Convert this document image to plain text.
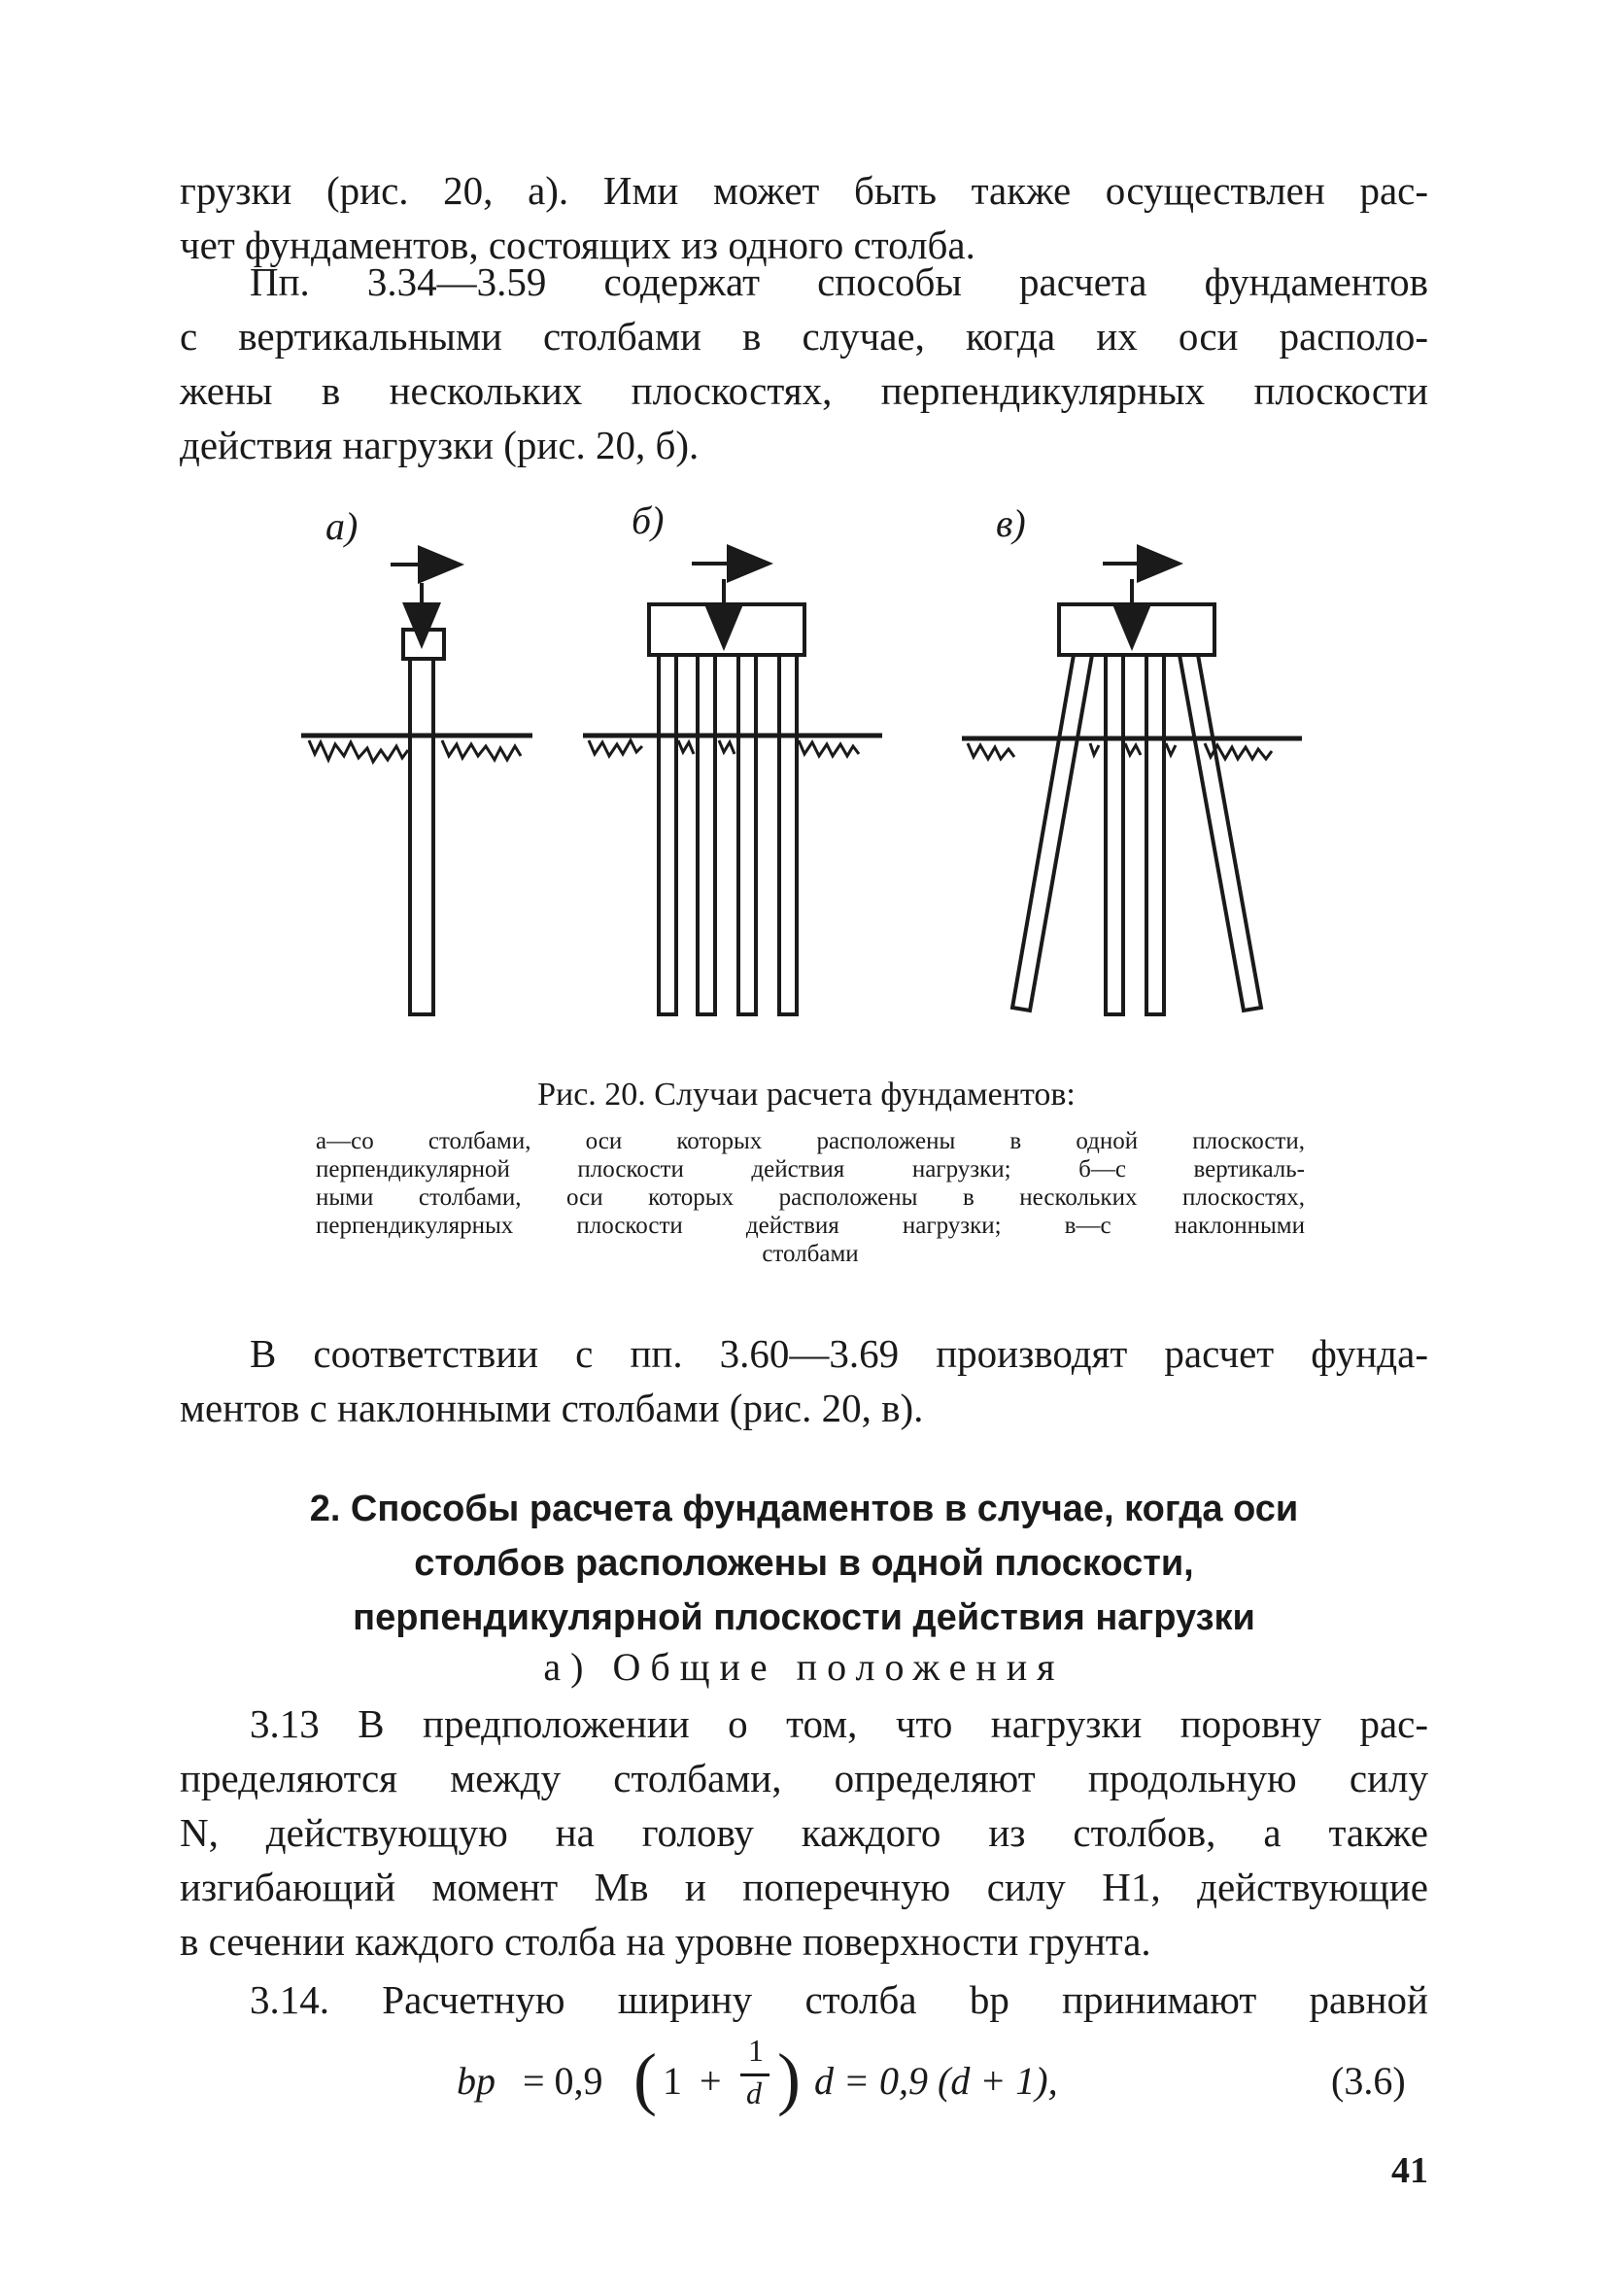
грузки (рис. 20, а). Ими может быть также осуществлен рас-
чет фундаментов, состоящих из одного столба.
Пп. 3.34—3.59 содержат способы расчета фундаментов
с вертикальными столбами в случае, когда их оси располо-
жены в нескольких плоскостях, перпендикулярных плоскости
действия нагрузки (рис. 20, б).
а)	б)	в)
Рис. 20. Случаи расчета фундаментов:
а—со столбами, оси которых расположены в одной плоскости,
перпендикулярной плоскости действия нагрузки; б—с вертикаль-
ными столбами, оси которых расположены в нескольких плоскостях,
перпендикулярных плоскости действия нагрузки; в—с наклонными
столбами
В соответствии с пп. 3.60—3.69 производят расчет фунда-
ментов с наклонными столбами (рис. 20, в).
2. Способы расчета фундаментов в случае, когда оси
столбов расположены в одной плоскости,
перпендикулярной плоскости действия нагрузки
а) Общие положения
3.13 В предположении о том, что нагрузки поровну рас-
пределяются между столбами, определяют продольную силу
N, действующую на голову каждого из столбов, а также
изгибающий момент Mв и поперечную силу H1, действующие
в сечении каждого столба на уровне поверхности грунта.
3.14. Расчетную ширину столба bр принимают равной
bр = 0,9 ( 1 +
1
d ) d = 0,9 (d + 1),	(3.6)
41
